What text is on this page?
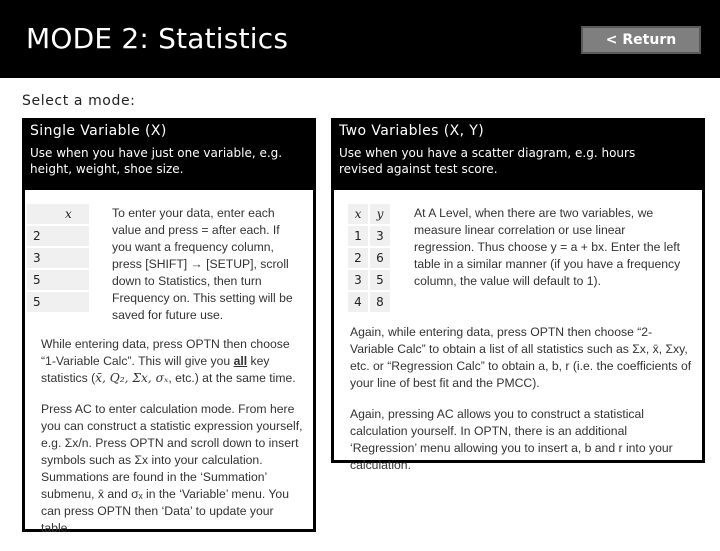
MODE 2: Statistics	< Return
Select a mode:
Single Variable (X)
Use when you have just one variable, e.g. height, weight, shoe size.
x
2
3
5
5
To enter your data, enter each value and press = after each. If you want a frequency column, press [SHIFT] → [SETUP], scroll down to Statistics, then turn Frequency on. This setting will be saved for future use.

While entering data, press OPTN then choose “1-Variable Calc”. This will give you all key statistics (x̄, Q₂, Σx, σₓ, etc.) at the same time.

Press AC to enter calculation mode. From here you can construct a statistic expression yourself, e.g. Σx/n. Press OPTN and scroll down to insert symbols such as Σx into your calculation. Summations are found in the ‘Summation’ submenu, x̄ and σₓ in the ‘Variable’ menu. You can press OPTN then ‘Data’ to update your table.

Two Variables (X, Y)
Use when you have a scatter diagram, e.g. hours revised against test score.
x	y
1	3
2	6
3	5
4	8
At A Level, when there are two variables, we measure linear correlation or use linear regression. Thus choose y = a + bx. Enter the left table in a similar manner (if you have a frequency column, the value will default to 1).

Again, while entering data, press OPTN then choose “2-Variable Calc” to obtain a list of all statistics such as Σx, x̄, Σxy, etc. or “Regression Calc” to obtain a, b, r (i.e. the coefficients of your line of best fit and the PMCC).

Again, pressing AC allows you to construct a statistical calculation yourself. In OPTN, there is an additional ‘Regression’ menu allowing you to insert a, b and r into your calculation.
